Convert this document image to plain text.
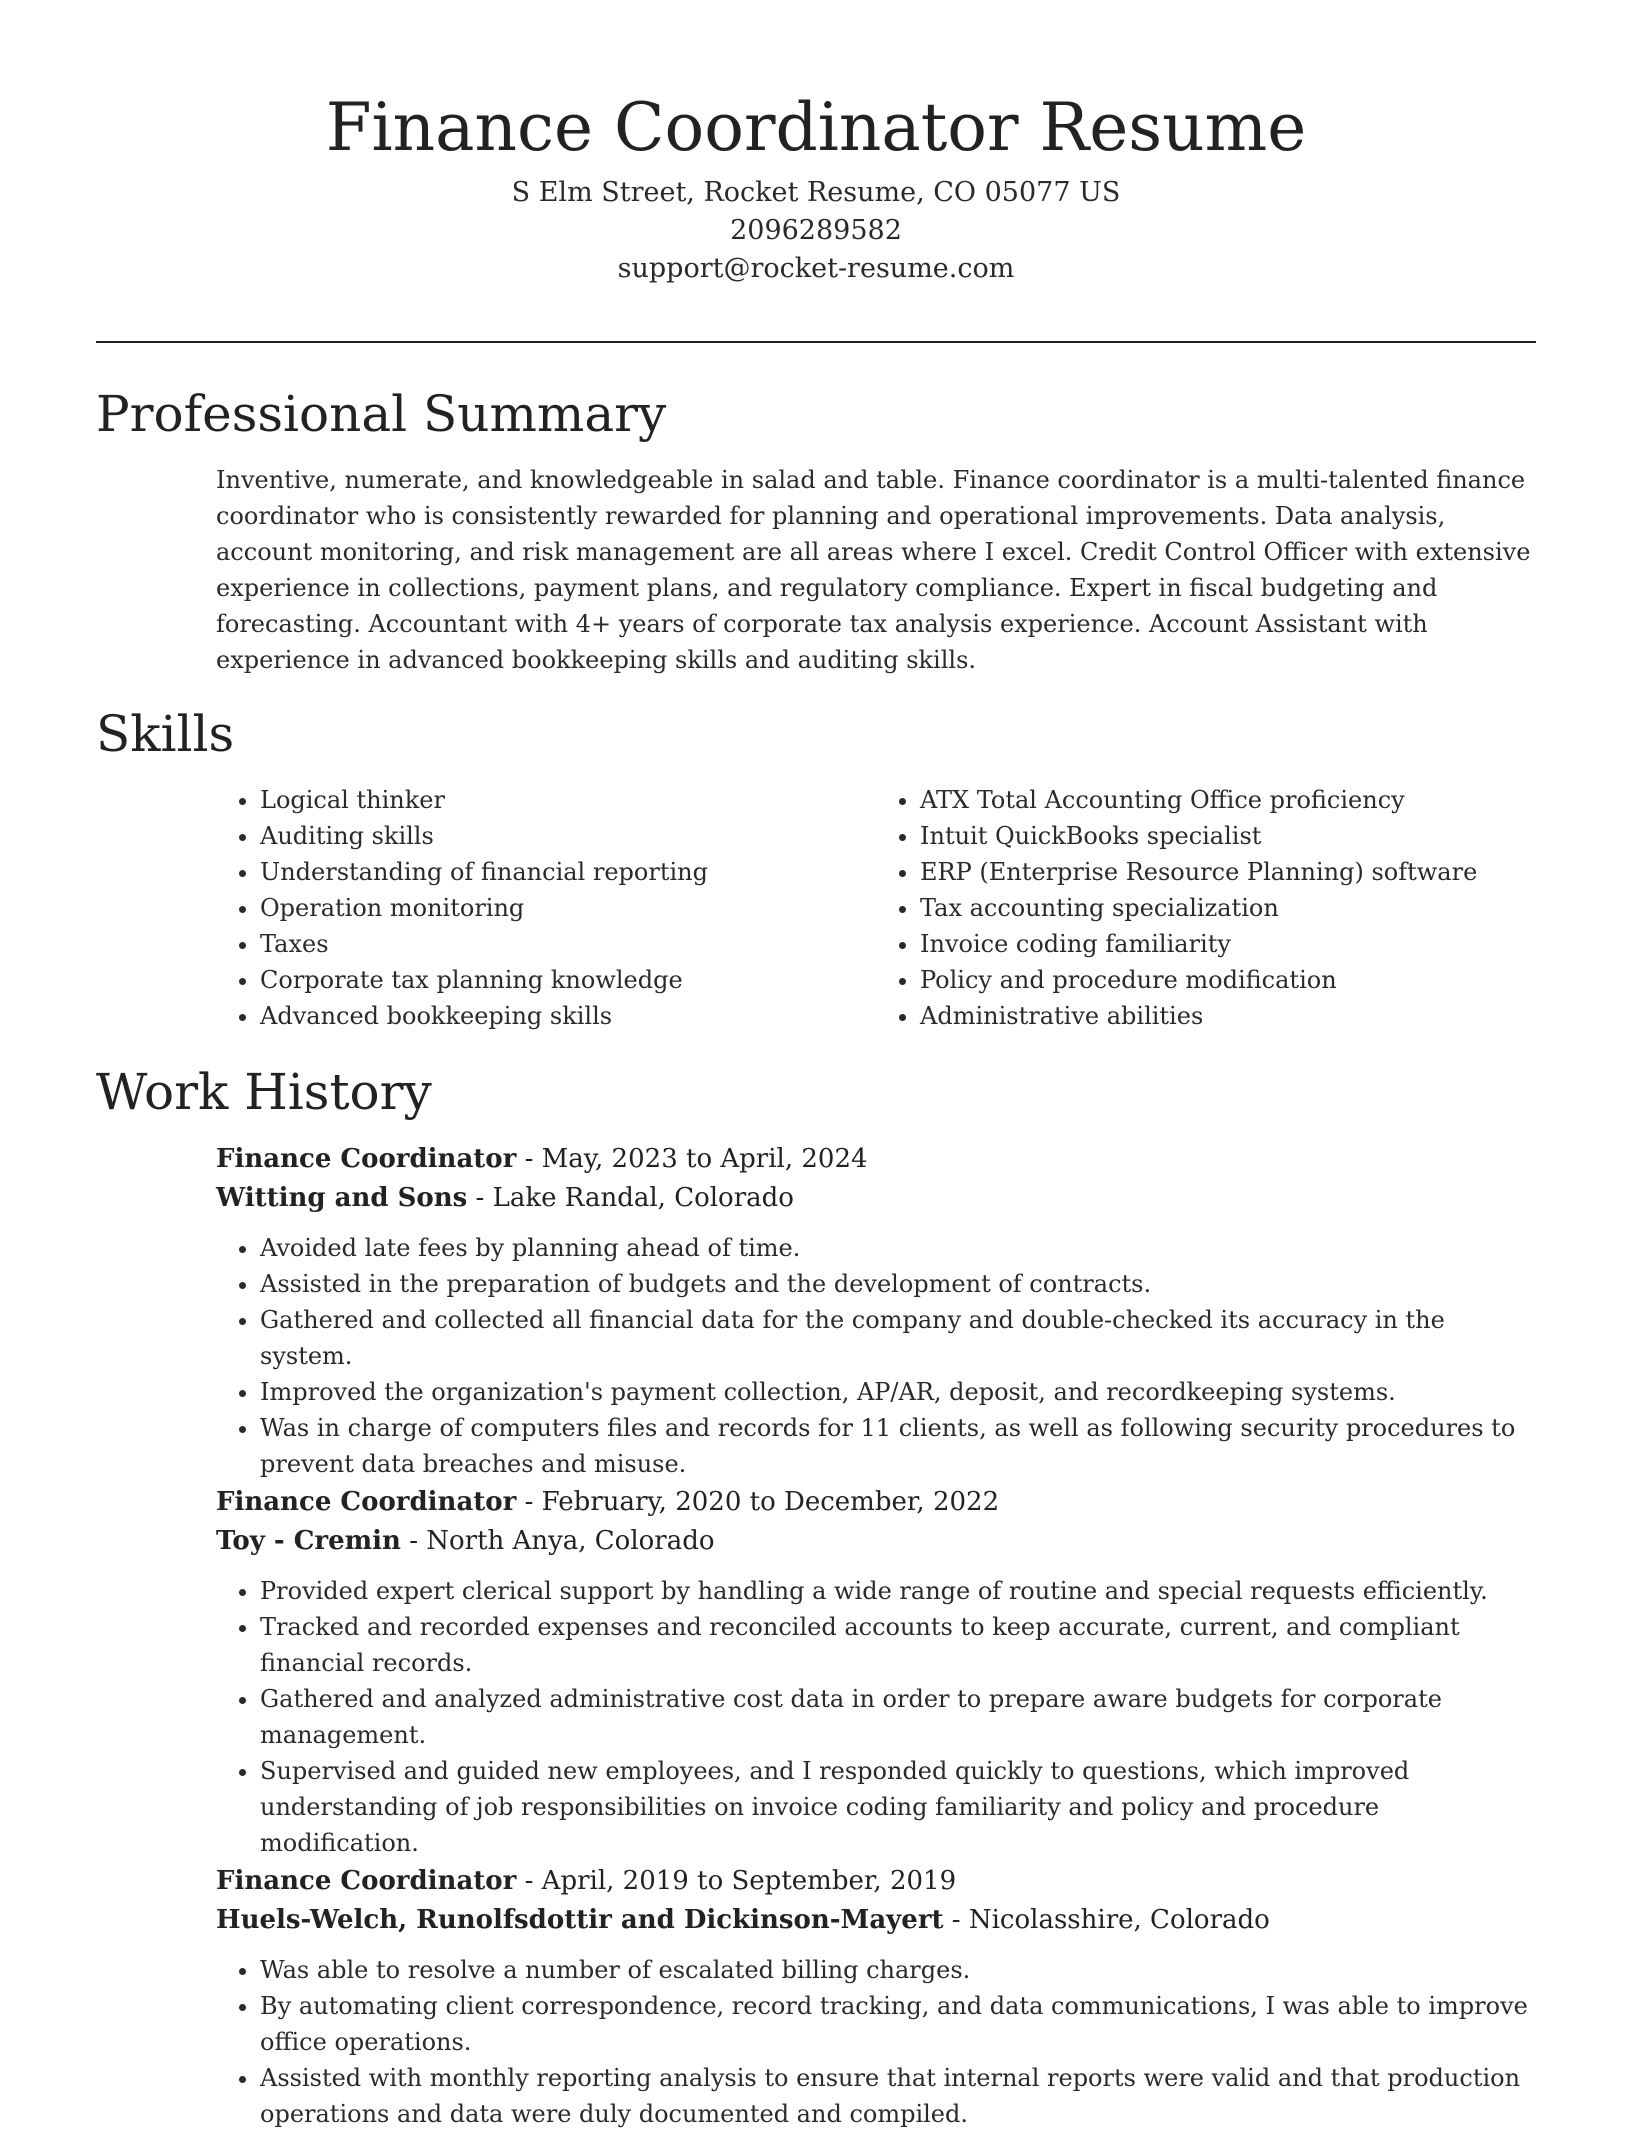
Finance Coordinator Resume
S Elm Street, Rocket Resume, CO 05077 US
2096289582
support@rocket-resume.com
Professional Summary

Inventive, numerate, and knowledgeable in salad and table. Finance coordinator is a multi-talented finance coordinator who is consistently rewarded for planning and operational improvements. Data analysis, account monitoring, and risk management are all areas where I excel. Credit Control Officer with extensive experience in collections, payment plans, and regulatory compliance. Expert in fiscal budgeting and forecasting. Accountant with 4+ years of corporate tax analysis experience. Account Assistant with experience in advanced bookkeeping skills and auditing skills.

Skills
• Logical thinker
• Auditing skills
• Understanding of financial reporting
• Operation monitoring
• Taxes
• Corporate tax planning knowledge
• Advanced bookkeeping skills
• ATX Total Accounting Office proficiency
• Intuit QuickBooks specialist
• ERP (Enterprise Resource Planning) software
• Tax accounting specialization
• Invoice coding familiarity
• Policy and procedure modification
• Administrative abilities
Work History
Finance Coordinator - May, 2023 to April, 2024
Witting and Sons - Lake Randal, Colorado
• Avoided late fees by planning ahead of time.
• Assisted in the preparation of budgets and the development of contracts.
• Gathered and collected all financial data for the company and double-checked its accuracy in the system.
• Improved the organization's payment collection, AP/AR, deposit, and recordkeeping systems.
• Was in charge of computers files and records for 11 clients, as well as following security procedures to prevent data breaches and misuse.
Finance Coordinator - February, 2020 to December, 2022
Toy - Cremin - North Anya, Colorado
• Provided expert clerical support by handling a wide range of routine and special requests efficiently.
• Tracked and recorded expenses and reconciled accounts to keep accurate, current, and compliant financial records.
• Gathered and analyzed administrative cost data in order to prepare aware budgets for corporate management.
• Supervised and guided new employees, and I responded quickly to questions, which improved understanding of job responsibilities on invoice coding familiarity and policy and procedure modification.
Finance Coordinator - April, 2019 to September, 2019
Huels-Welch, Runolfsdottir and Dickinson-Mayert - Nicolasshire, Colorado
• Was able to resolve a number of escalated billing charges.
• By automating client correspondence, record tracking, and data communications, I was able to improve office operations.
• Assisted with monthly reporting analysis to ensure that internal reports were valid and that production operations and data were duly documented and compiled.
